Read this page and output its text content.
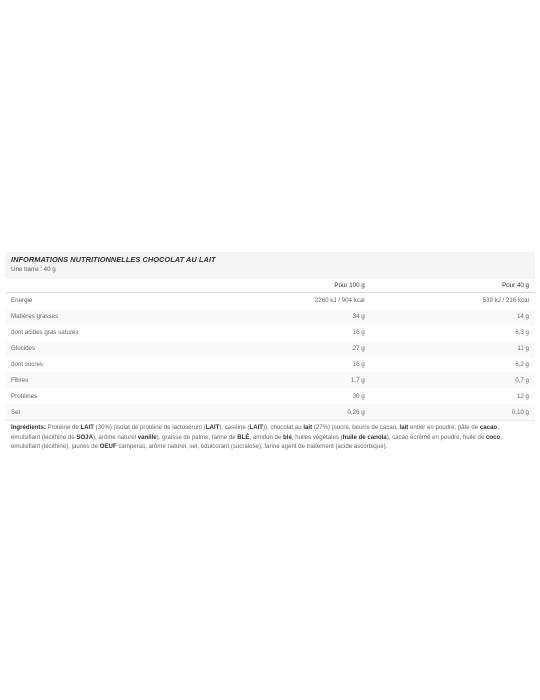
INFORMATIONS NUTRITIONNELLES CHOCOLAT AU LAIT
Une barre : 40 g
	Pour 100 g	Pour 40 g
Energie	2260 kJ / 904 kcal	539 kJ / 216 kcal
Matières grasses	34 g	14 g
dont acides gras saturés	16 g	6,3 g
Glucides	27 g	11 g
dont sucres	16 g	6,2 g
Fibres	1,7 g	0,7 g
Protéines	30 g	12 g
Sel	0,26 g	0,10 g
Ingrédients: Protéine de LAIT (30%) (isolat de protéine de lactosérum (LAIT), caséine (LAIT)), chocolat au lait (27%) (sucre, beurre de cacao, lait entier en poudre, pâte de cacao, émulsifiant (lécithine de SOJA), arôme naturel vanille), graisse de palme, farine de BLÉ, amidon de blé, huiles végétales (huile de canola), cacao écrémé en poudre, huile de coco, émulsifiant (lécithine), jaunes de OEUF camperas, arôme naturel, sel, édulcorant (sucralose), farine agent de traitement (acide ascorbique).
